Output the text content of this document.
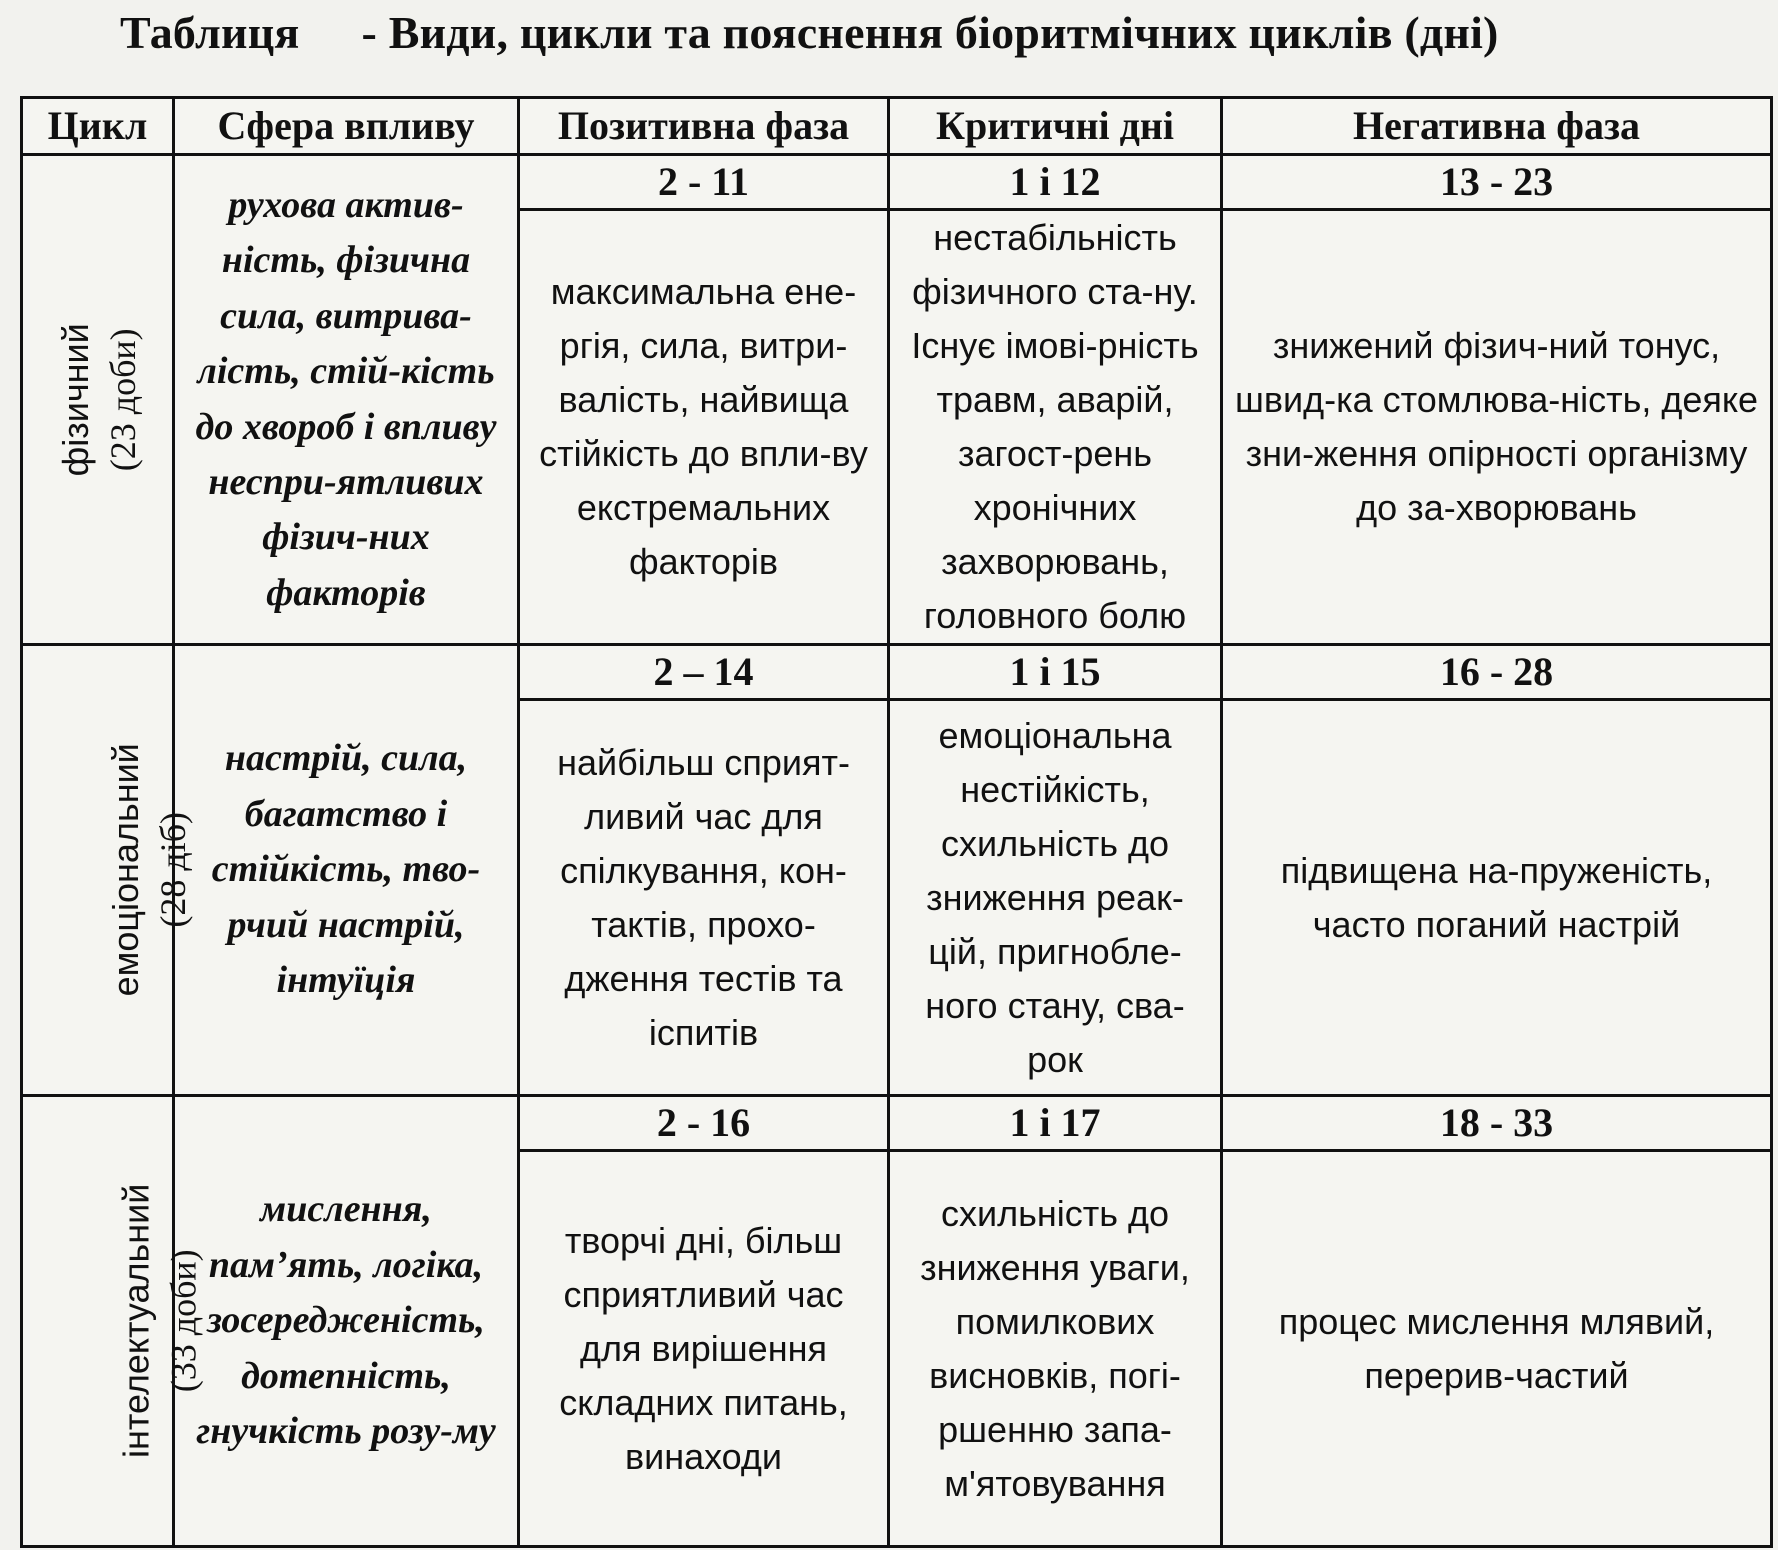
Таблиця - Види, цикли та пояснення біоритмічних циклів (дні)
Цикл	Сфера впливу	Позитивна фаза	Критичні дні	Негативна фаза

фізичний (23 доби)	рухова актив-ність, фізична сила, витрива-лість, стій-кість до хвороб і впливу неспри-ятливих фізич-них факторів	2 - 11	1 і 12	13 - 23
		максимальна ене-ргія, сила, витри-валість, найвища стійкість до впли-ву екстремальних факторів	нестабільність фізичного ста-ну. Існує імові-рність травм, аварій, загост-рень хронічних захворювань, головного болю	знижений фізич-ний тонус, швид-ка стомлюва-ність, деяке зни-ження опірності організму до за-хворювань

емоціональний (28 діб)	настрій, сила, багатство і стійкість, тво-рчий настрій, інтуїція	2 – 14	1 і 15	16 - 28
		найбільш сприят-ливий час для спілкування, кон-тактів, прохо-дження тестів та іспитів	емоціональна нестійкість, схильність до зниження реак-цій, пригнобле-ного стану, сва-рок	підвищена на-пруженість, часто поганий настрій

інтелектуальний (33 доби)	мислення, пам’ять, логіка, зосередженість, дотепність, гнучкість розу-му	2 - 16	1 і 17	18 - 33
		творчі дні, більш сприятливий час для вирішення складних питань, винаходи	схильність до зниження уваги, помилкових висновків, погі-ршенню запа-м'ятовування	процес мислення млявий, перерив-частий
